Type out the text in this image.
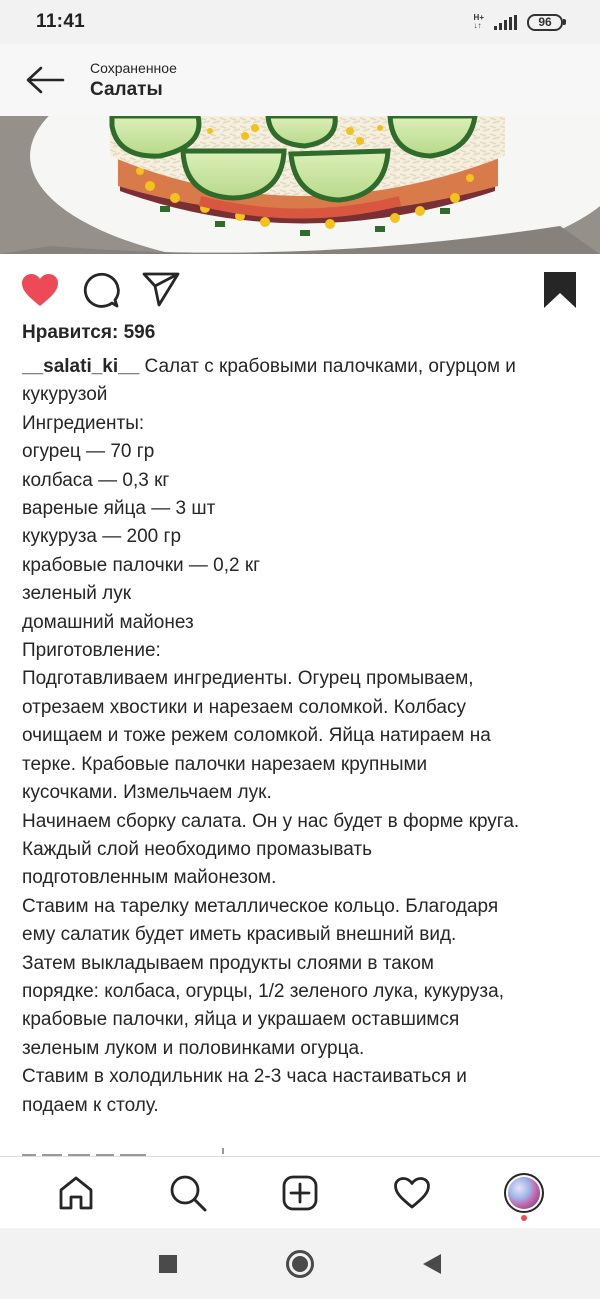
11:41	H+
↓↑	96
Сохраненное
Салаты
Нравится: 596
__salati_ki__ Салат с крабовыми палочками, огурцом и
кукурузой
Ингредиенты:
огурец — 70 гр
колбаса — 0,3 кг
вареные яйца — 3 шт
кукуруза — 200 гр
крабовые палочки — 0,2 кг
зеленый лук
домашний майонез
Приготовление:
Подготавливаем ингредиенты. Огурец промываем,
отрезаем хвостики и нарезаем соломкой. Колбасу
очищаем и тоже режем соломкой. Яйца натираем на
терке. Крабовые палочки нарезаем крупными
кусочками. Измельчаем лук.
Начинаем сборку салата. Он у нас будет в форме круга.
Каждый слой необходимо промазывать
подготовленным майонезом.
Ставим на тарелку металлическое кольцо. Благодаря
ему салатик будет иметь красивый внешний вид.
Затем выкладываем продукты слоями в таком
порядке: колбаса, огурцы, 1/2 зеленого лука, кукуруза,
крабовые палочки, яйца и украшаем оставшимся
зеленым луком и половинками огурца.
Ставим в холодильник на 2-3 часа настаиваться и
подаем к столу.
